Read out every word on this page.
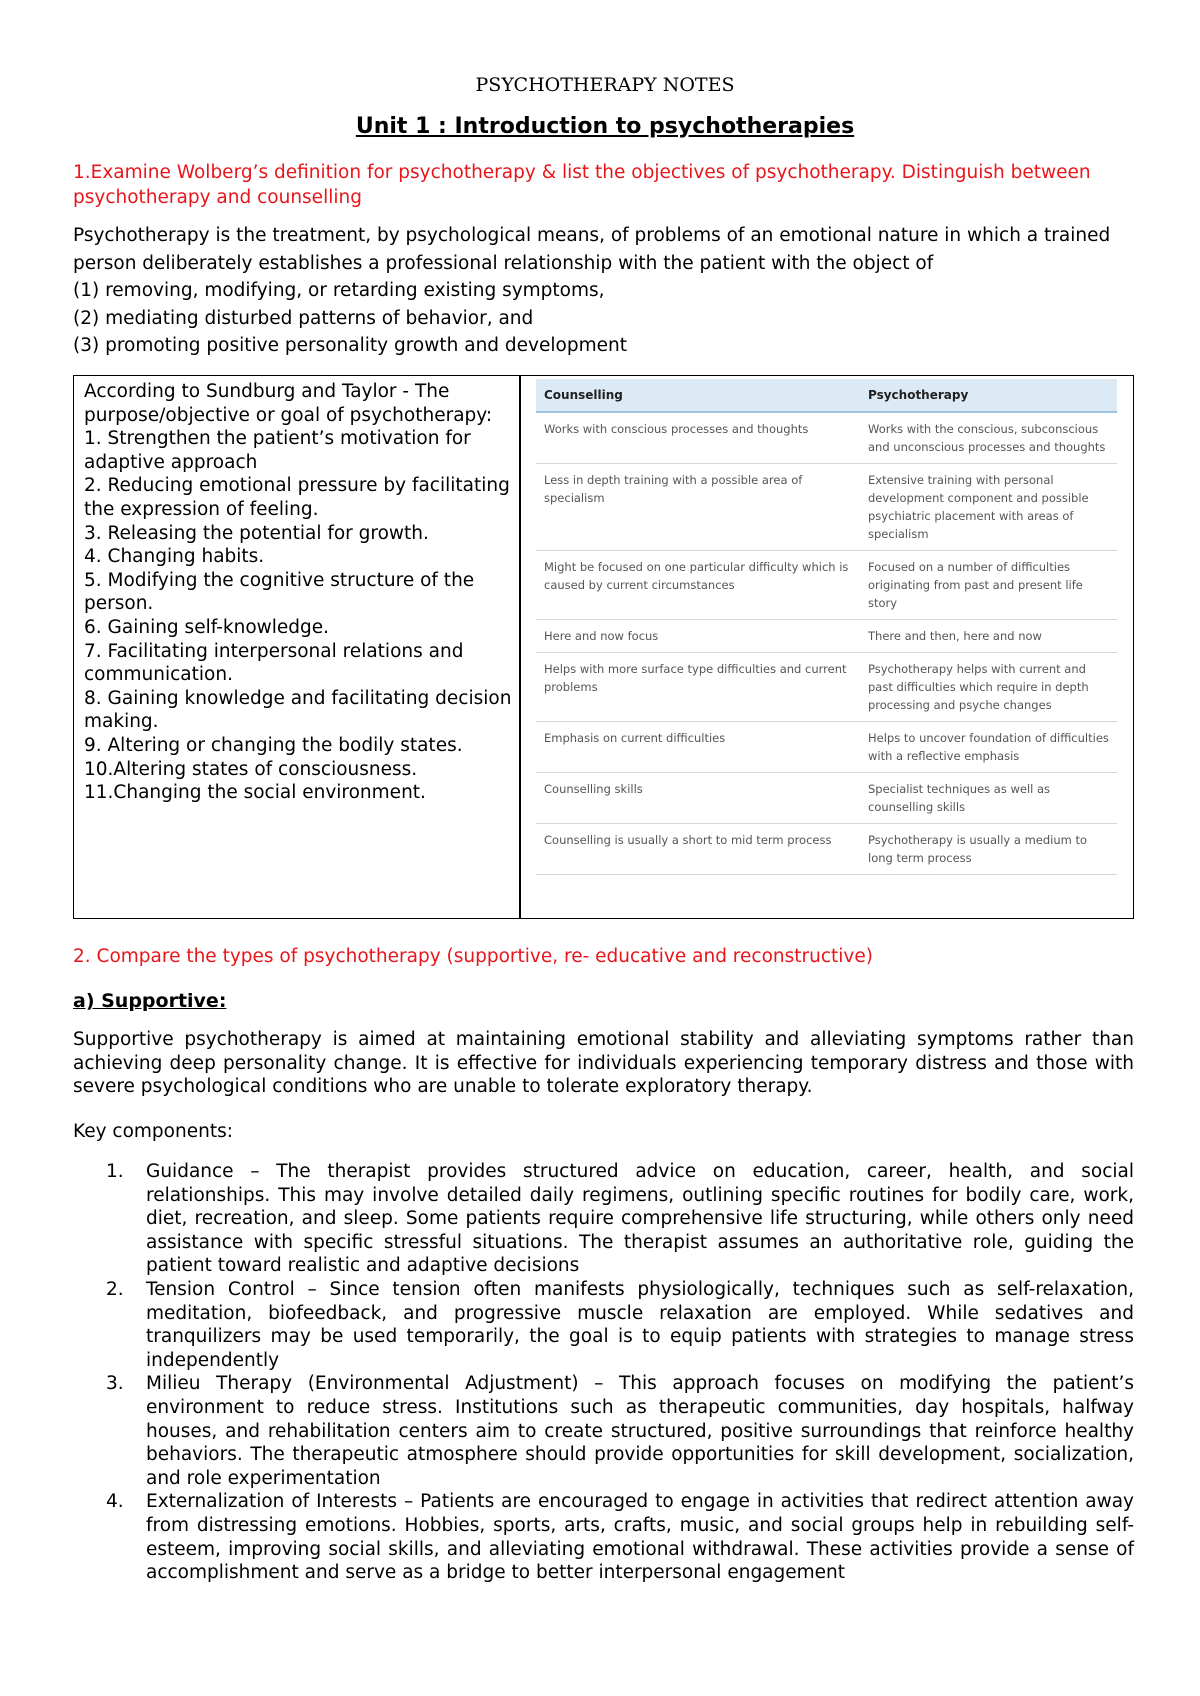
PSYCHOTHERAPY NOTES
Unit 1 : Introduction to psychotherapies

1.Examine Wolberg’s definition for psychotherapy & list the objectives of psychotherapy. Distinguish between psychotherapy and counselling

Psychotherapy is the treatment, by psychological means, of problems of an emotional nature in which a trained person deliberately establishes a professional relationship with the patient with the object of

(1) removing, modifying, or retarding existing symptoms,

(2) mediating disturbed patterns of behavior, and

(3) promoting positive personality growth and development

According to Sundburg and Taylor - The purpose/objective or goal of psychotherapy:
1. Strengthen the patient’s motivation for adaptive approach
2. Reducing emotional pressure by facilitating the expression of feeling.
3. Releasing the potential for growth.
4. Changing habits.
5. Modifying the cognitive structure of the person.
6. Gaining self-knowledge.
7. Facilitating interpersonal relations and communication.
8. Gaining knowledge and facilitating decision making.
9. Altering or changing the bodily states.
10.Altering states of consciousness.
11.Changing the social environment.
Counselling	Psychotherapy
Works with conscious processes and thoughts	Works with the conscious, subconscious and unconscious processes and thoughts
Less in depth training with a possible area of specialism	Extensive training with personal development component and possible psychiatric placement with areas of specialism
Might be focused on one particular difficulty which is caused by current circumstances	Focused on a number of difficulties originating from past and present life story
Here and now focus	There and then, here and now
Helps with more surface type difficulties and current problems	Psychotherapy helps with current and past difficulties which require in depth processing and psyche changes
Emphasis on current difficulties	Helps to uncover foundation of difficulties with a reflective emphasis
Counselling skills	Specialist techniques as well as counselling skills
Counselling is usually a short to mid term process	Psychotherapy is usually a medium to long term process

2. Compare the types of psychotherapy (supportive, re- educative and reconstructive)

a) Supportive:

Supportive psychotherapy is aimed at maintaining emotional stability and alleviating symptoms rather than achieving deep personality change. It is effective for individuals experiencing temporary distress and those with severe psychological conditions who are unable to tolerate exploratory therapy.

Key components:

1. Guidance – The therapist provides structured advice on education, career, health, and social relationships. This may involve detailed daily regimens, outlining specific routines for bodily care, work, diet, recreation, and sleep. Some patients require comprehensive life structuring, while others only need assistance with specific stressful situations. The therapist assumes an authoritative role, guiding the patient toward realistic and adaptive decisions
2. Tension Control – Since tension often manifests physiologically, techniques such as self-relaxation, meditation, biofeedback, and progressive muscle relaxation are employed. While sedatives and tranquilizers may be used temporarily, the goal is to equip patients with strategies to manage stress independently
3. Milieu Therapy (Environmental Adjustment) – This approach focuses on modifying the patient’s environment to reduce stress. Institutions such as therapeutic communities, day hospitals, halfway houses, and rehabilitation centers aim to create structured, positive surroundings that reinforce healthy behaviors. The therapeutic atmosphere should provide opportunities for skill development, socialization, and role experimentation
4. Externalization of Interests – Patients are encouraged to engage in activities that redirect attention away from distressing emotions. Hobbies, sports, arts, crafts, music, and social groups help in rebuilding self-esteem, improving social skills, and alleviating emotional withdrawal. These activities provide a sense of accomplishment and serve as a bridge to better interpersonal engagement
